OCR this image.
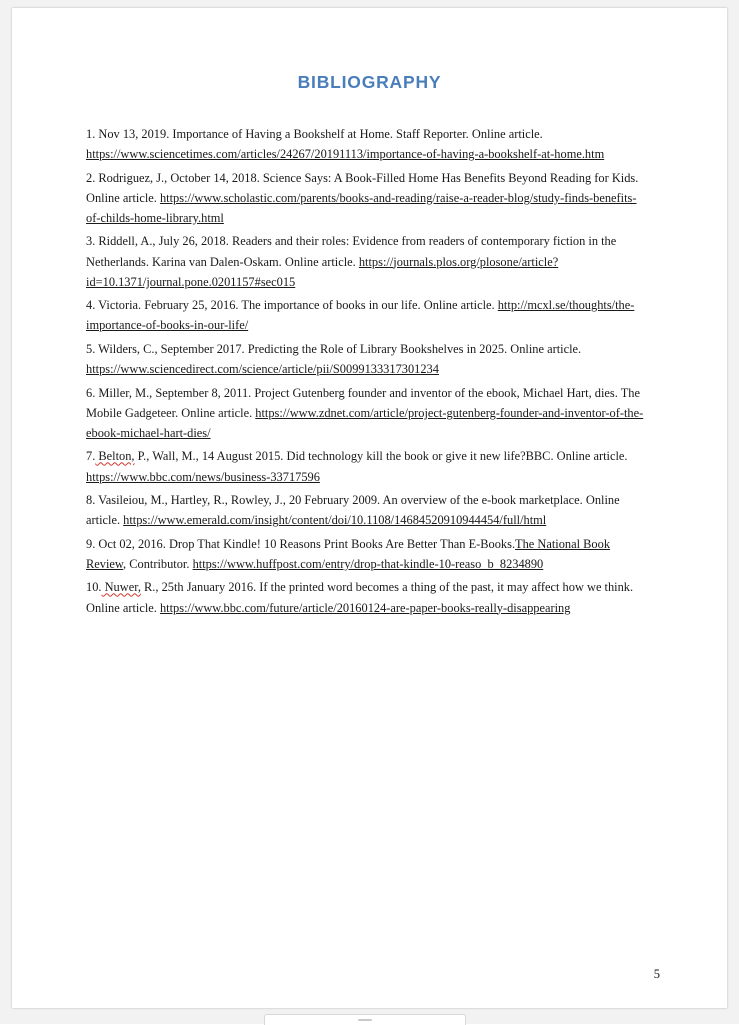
BIBLIOGRAPHY
1. Nov 13, 2019. Importance of Having a Bookshelf at Home. Staff Reporter. Online article. https://www.sciencetimes.com/articles/24267/20191113/importance-of-having-a-bookshelf-at-home.htm
2. Rodriguez, J., October 14, 2018. Science Says: A Book-Filled Home Has Benefits Beyond Reading for Kids. Online article. https://www.scholastic.com/parents/books-and-reading/raise-a-reader-blog/study-finds-benefits-of-childs-home-library.html
3. Riddell, A., July 26, 2018. Readers and their roles: Evidence from readers of contemporary fiction in the Netherlands. Karina van Dalen-Oskam. Online article. https://journals.plos.org/plosone/article?id=10.1371/journal.pone.0201157#sec015
4. Victoria. February 25, 2016. The importance of books in our life. Online article. http://mcxl.se/thoughts/the-importance-of-books-in-our-life/
5. Wilders, C., September 2017. Predicting the Role of Library Bookshelves in 2025. Online article. https://www.sciencedirect.com/science/article/pii/S0099133317301234
6. Miller, M., September 8, 2011. Project Gutenberg founder and inventor of the ebook, Michael Hart, dies. The Mobile Gadgeteer. Online article. https://www.zdnet.com/article/project-gutenberg-founder-and-inventor-of-the-ebook-michael-hart-dies/
7. Belton, P., Wall, M., 14 August 2015. Did technology kill the book or give it new life?BBC. Online article. https://www.bbc.com/news/business-33717596
8. Vasileiou, M., Hartley, R., Rowley, J., 20 February 2009. An overview of the e-book marketplace. Online article. https://www.emerald.com/insight/content/doi/10.1108/14684520910944454/full/html
9. Oct 02, 2016. Drop That Kindle! 10 Reasons Print Books Are Better Than E-Books.The National Book Review, Contributor. https://www.huffpost.com/entry/drop-that-kindle-10-reaso_b_8234890
10. Nuwer, R., 25th January 2016. If the printed word becomes a thing of the past, it may affect how we think. Online article. https://www.bbc.com/future/article/20160124-are-paper-books-really-disappearing
5
